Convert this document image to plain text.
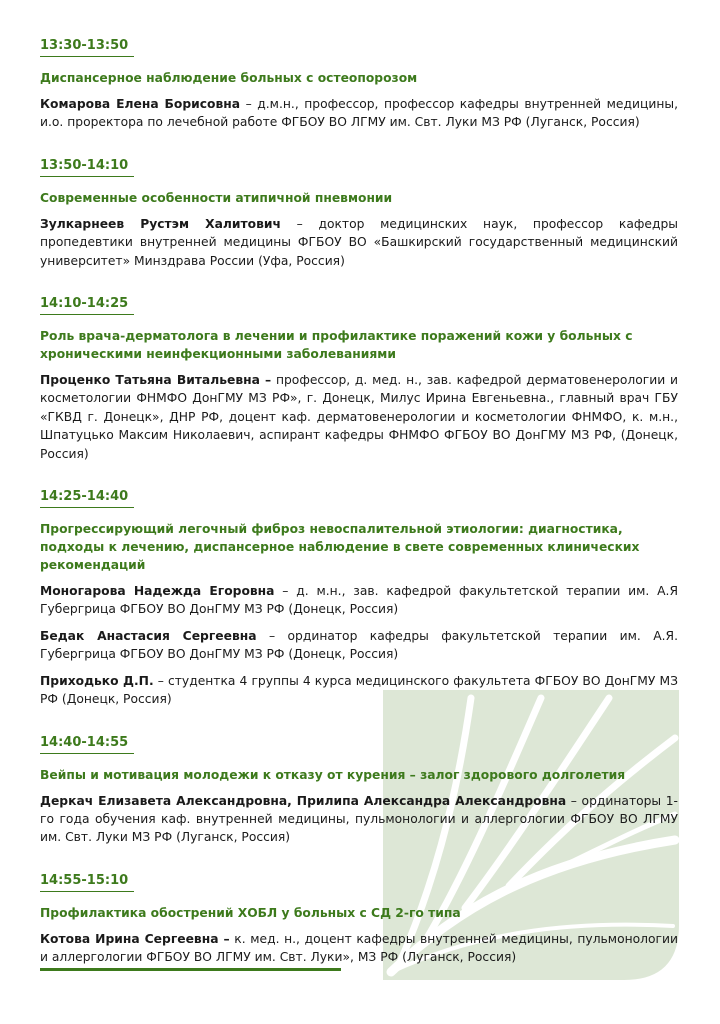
13:30-13:50
Диспансерное наблюдение больных с остеопорозом
Комарова Елена Борисовна – д.м.н., профессор, профессор кафедры внутренней медицины, и.о. проректора по лечебной работе ФГБОУ ВО ЛГМУ им. Свт. Луки МЗ РФ (Луганск, Россия)
13:50-14:10
Современные особенности атипичной пневмонии
Зулкарнеев Рустэм Халитович – доктор медицинских наук, профессор кафедры пропедевтики внутренней медицины ФГБОУ ВО «Башкирский государственный медицинский университет» Минздрава России (Уфа, Россия)
14:10-14:25
Роль врача-дерматолога в лечении и профилактике поражений кожи у больных с хроническими неинфекционными заболеваниями
Проценко Татьяна Витальевна – профессор, д. мед. н., зав. кафедрой дерматовенерологии и косметологии ФНМФО ДонГМУ МЗ РФ», г. Донецк, Милус Ирина Евгеньевна., главный врач ГБУ «ГКВД г. Донецк», ДНР РФ, доцент каф. дерматовенерологии и косметологии ФНМФО, к. м.н., Шпатуцько Максим Николаевич, аспирант кафедры ФНМФО ФГБОУ ВО ДонГМУ МЗ РФ, (Донецк, Россия)
14:25-14:40
Прогрессирующий легочный фиброз невоспалительной этиологии: диагностика, подходы к лечению, диспансерное наблюдение в свете современных клинических рекомендаций
Моногарова Надежда Егоровна – д. м.н., зав. кафедрой факультетской терапии им. А.Я Губергрица ФГБОУ ВО ДонГМУ МЗ РФ (Донецк, Россия)
Бедак Анастасия Сергеевна – ординатор кафедры факультетской терапии им. А.Я. Губергрица ФГБОУ ВО ДонГМУ МЗ РФ (Донецк, Россия)
Приходько Д.П. – студентка 4 группы 4 курса медицинского факультета ФГБОУ ВО ДонГМУ МЗ РФ (Донецк, Россия)
14:40-14:55
Вейпы и мотивация молодежи к отказу от курения – залог здорового долголетия
Деркач Елизавета Александровна, Прилипа Александра Александровна – ординаторы 1-го года обучения каф. внутренней медицины, пульмонологии и аллергологии ФГБОУ ВО ЛГМУ им. Свт. Луки МЗ РФ (Луганск, Россия)
14:55-15:10
Профилактика обострений ХОБЛ у больных с СД 2-го типа
Котова Ирина Сергеевна – к. мед. н., доцент кафедры внутренней медицины, пульмонологии и аллергологии ФГБОУ ВО ЛГМУ им. Свт. Луки», МЗ РФ (Луганск, Россия)
